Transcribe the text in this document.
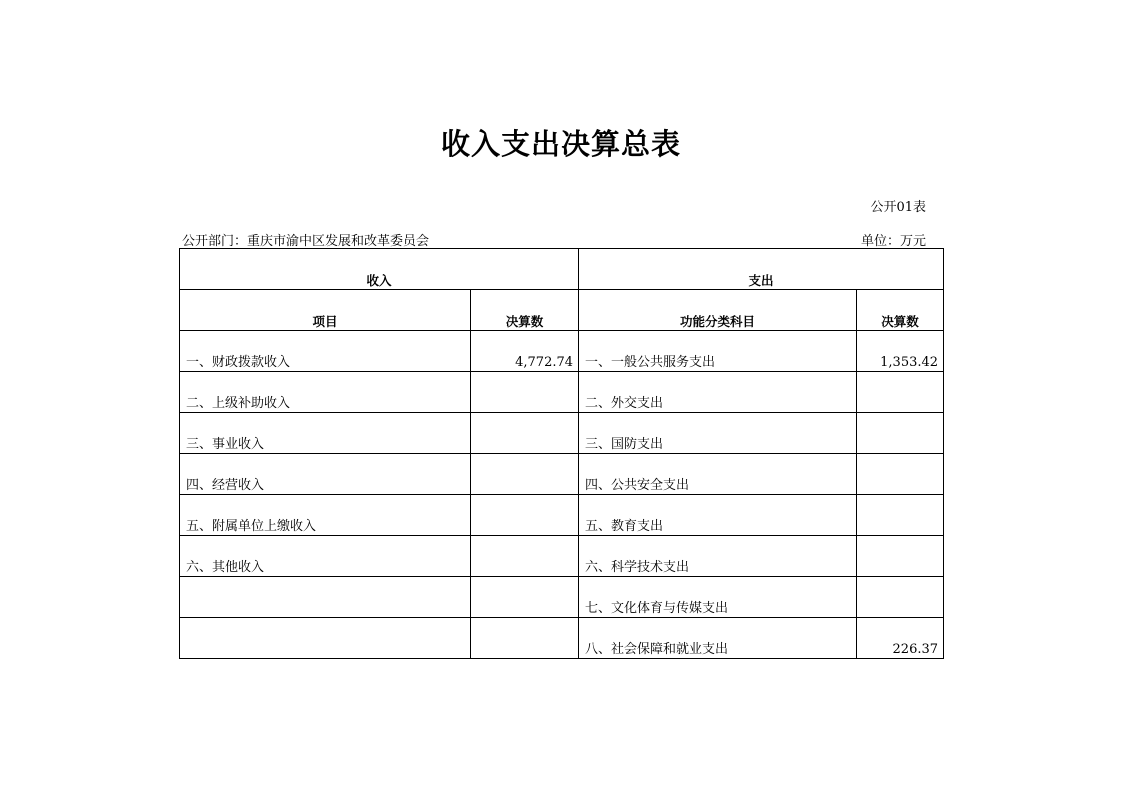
收入支出决算总表
公开01表
公开部门：重庆市渝中区发展和改革委员会	单位：万元
收入		支出	
项目	决算数	功能分类科目	决算数
一、财政拨款收入	4,772.74	一、一般公共服务支出	1,353.42
二、上级补助收入		二、外交支出	
三、事业收入		三、国防支出	
四、经营收入		四、公共安全支出	
五、附属单位上缴收入		五、教育支出	
六、其他收入		六、科学技术支出	
		七、文化体育与传媒支出	
		八、社会保障和就业支出	226.37
